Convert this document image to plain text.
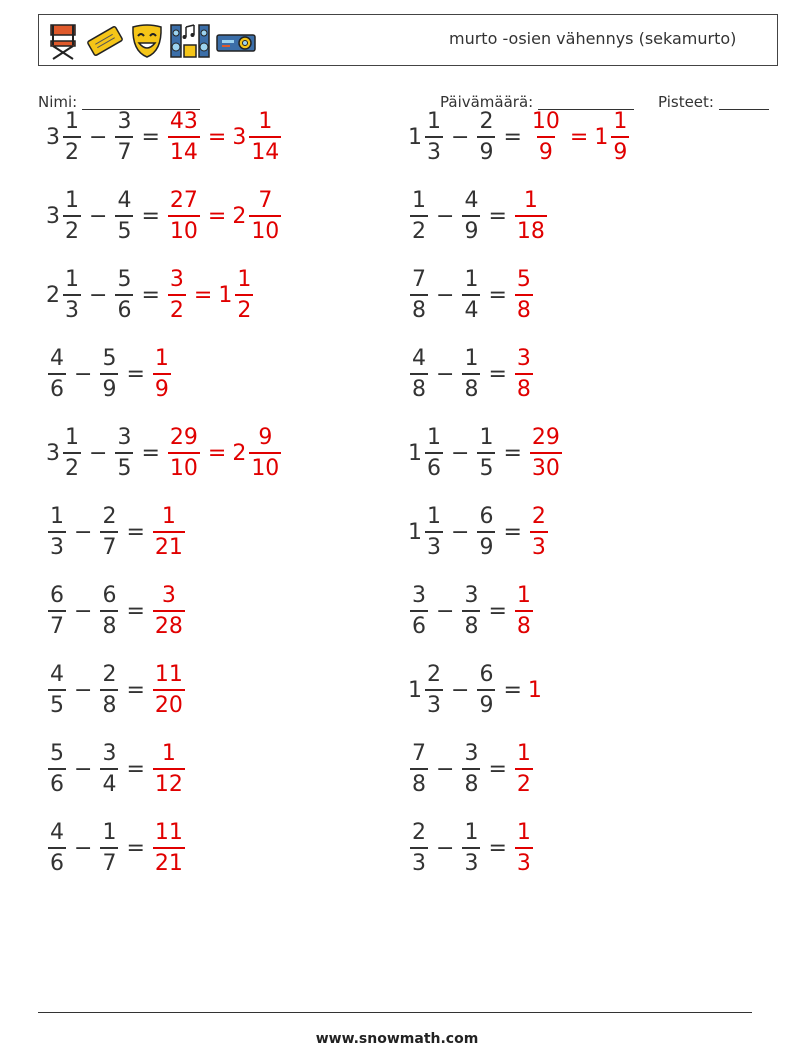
murto -osien vähennys (sekamurto)
Nimi:	Päivämäärä:	Pisteet:
$3 \frac{1}{2} - \frac{3}{7} = \frac{43}{14} = 3 \frac{1}{14}$	$1 \frac{1}{3} - \frac{2}{9} = \frac{10}{9} = 1 \frac{1}{9}$
$3 \frac{1}{2} - \frac{4}{5} = \frac{27}{10} = 2 \frac{7}{10}$	$\frac{1}{2} - \frac{4}{9} = \frac{1}{18}$
$2 \frac{1}{3} - \frac{5}{6} = \frac{3}{2} = 1 \frac{1}{2}$	$\frac{7}{8} - \frac{1}{4} = \frac{5}{8}$
$\frac{4}{6} - \frac{5}{9} = \frac{1}{9}$	$\frac{4}{8} - \frac{1}{8} = \frac{3}{8}$
$3 \frac{1}{2} - \frac{3}{5} = \frac{29}{10} = 2 \frac{9}{10}$	$1 \frac{1}{6} - \frac{1}{5} = \frac{29}{30}$
$\frac{1}{3} - \frac{2}{7} = \frac{1}{21}$	$1 \frac{1}{3} - \frac{6}{9} = \frac{2}{3}$
$\frac{6}{7} - \frac{6}{8} = \frac{3}{28}$	$\frac{3}{6} - \frac{3}{8} = \frac{1}{8}$
$\frac{4}{5} - \frac{2}{8} = \frac{11}{20}$	$1 \frac{2}{3} - \frac{6}{9} = 1$
$\frac{5}{6} - \frac{3}{4} = \frac{1}{12}$	$\frac{7}{8} - \frac{3}{8} = \frac{1}{2}$
$\frac{4}{6} - \frac{1}{7} = \frac{11}{21}$	$\frac{2}{3} - \frac{1}{3} = \frac{1}{3}$
www.snowmath.com
